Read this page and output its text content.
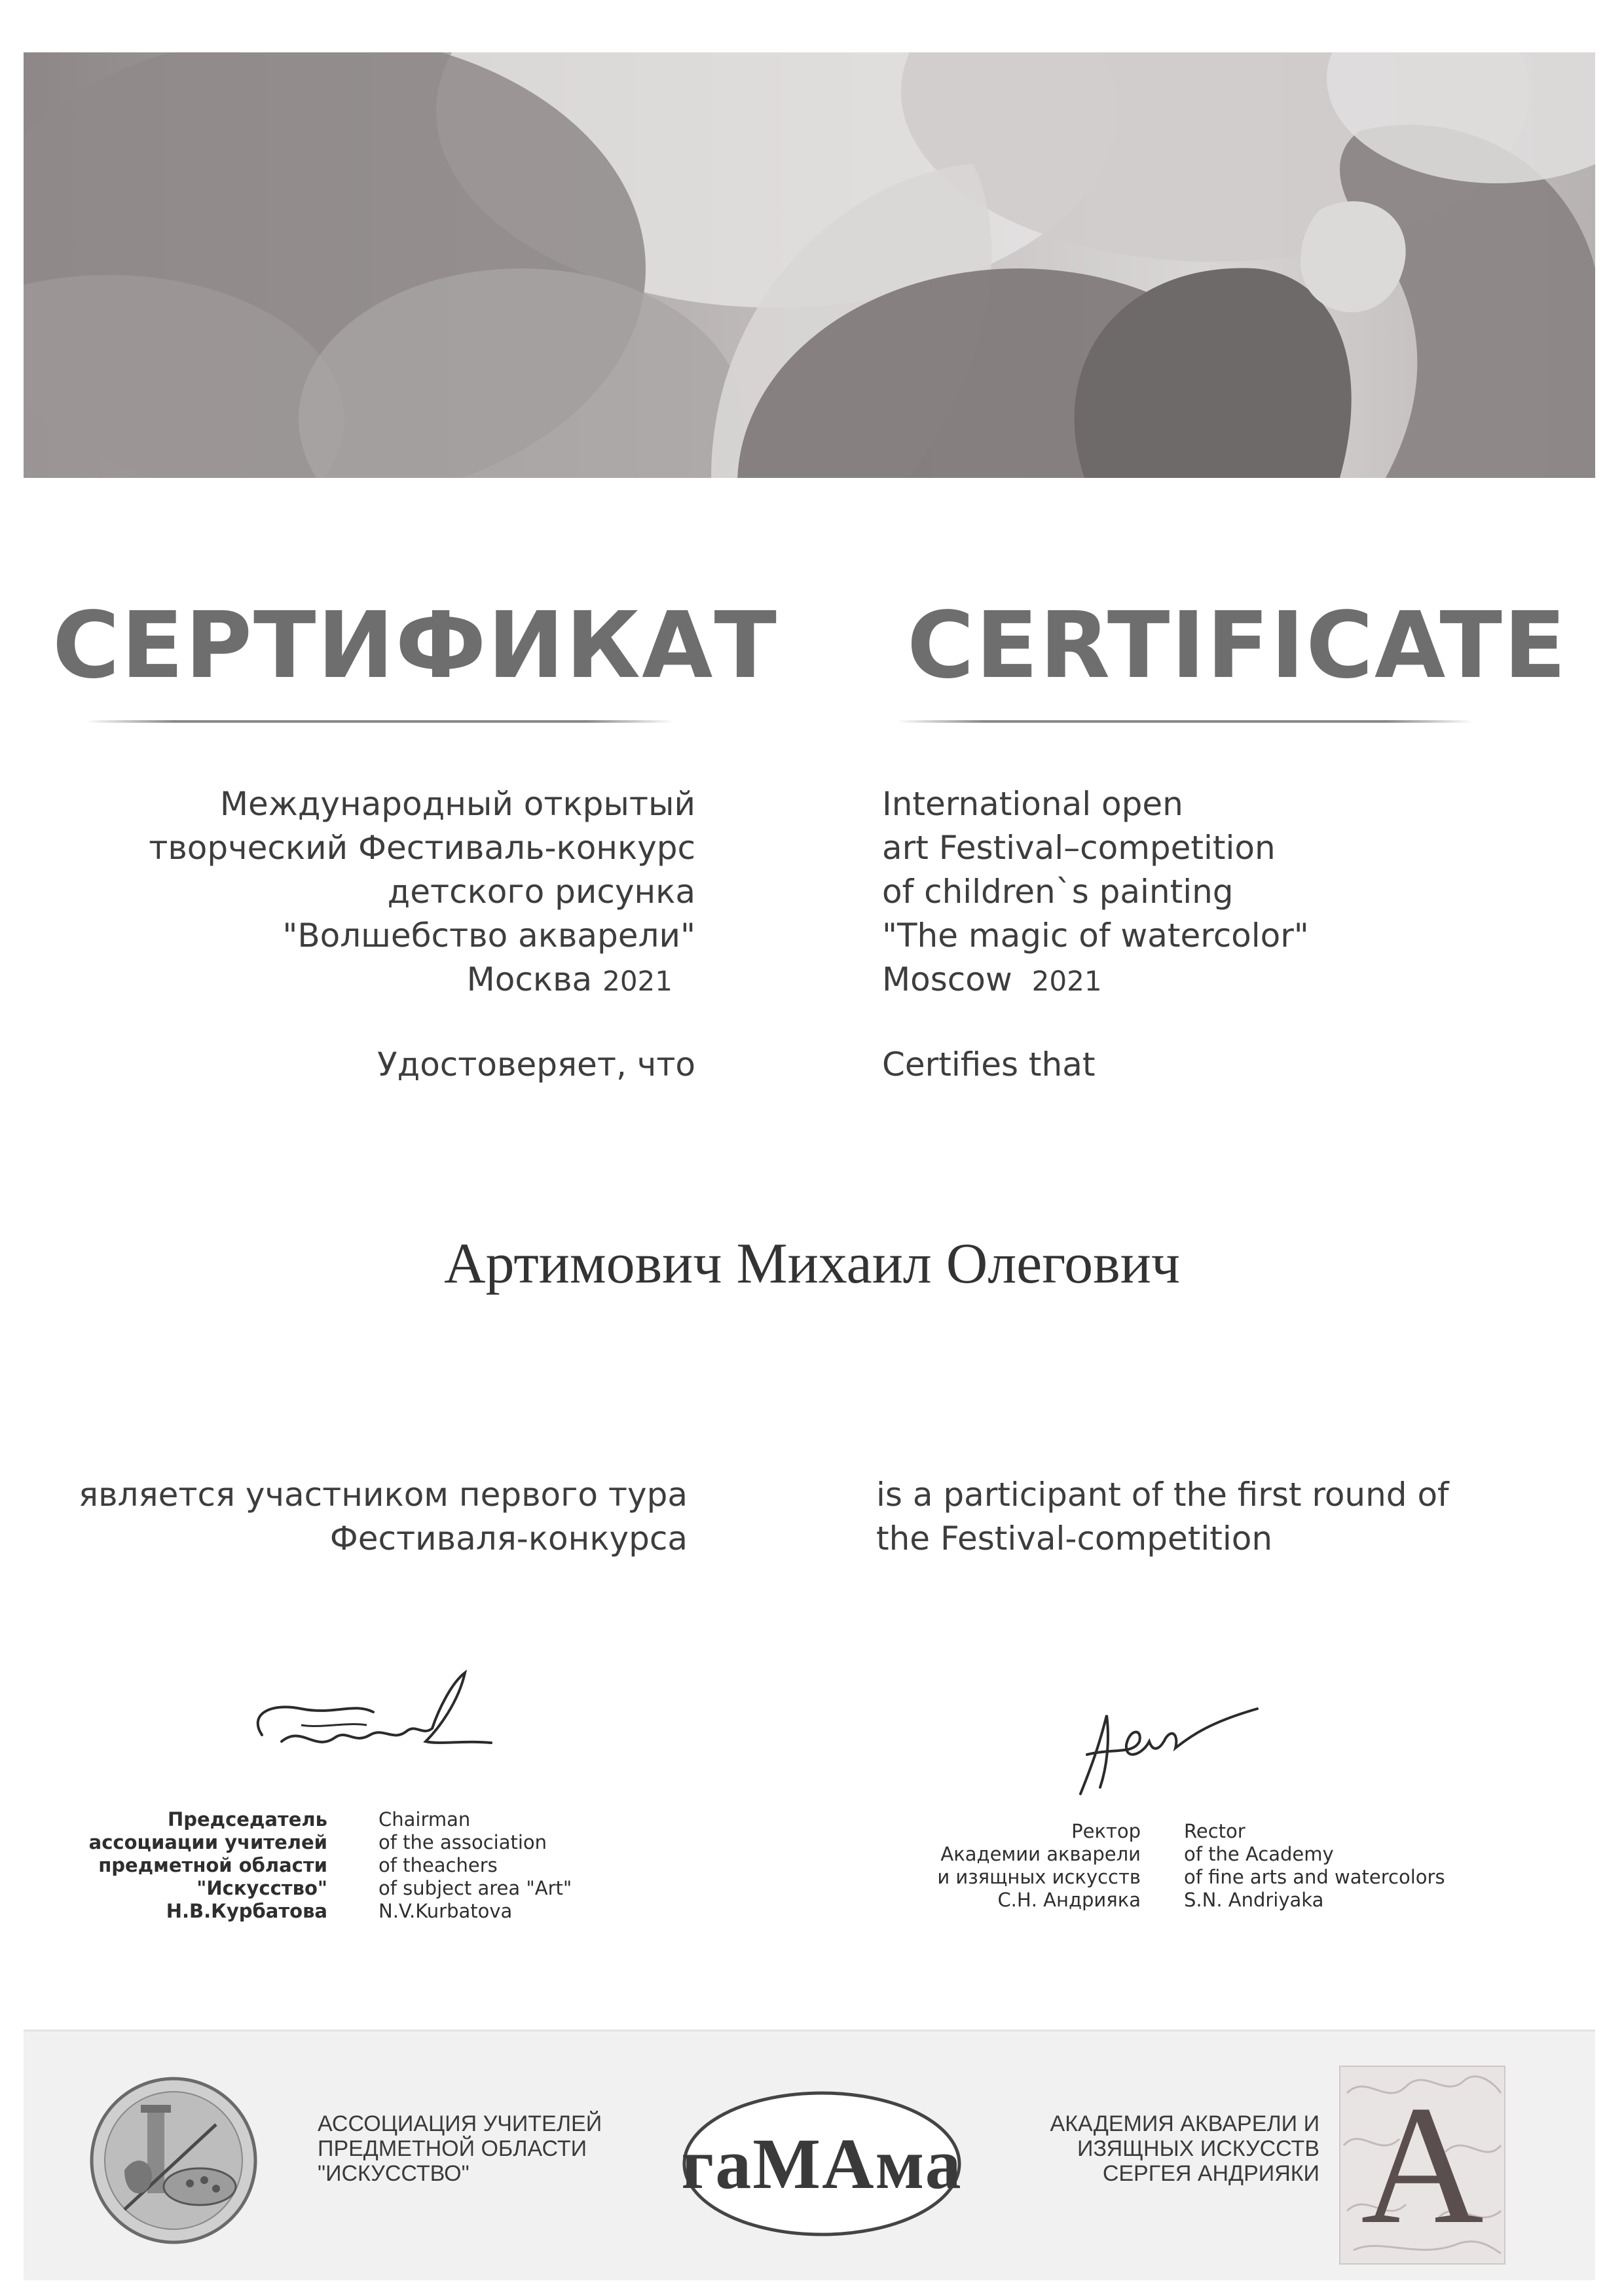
СЕРТИФИКАТ CERTIFICATE
Международный открытый
творческий Фестиваль-конкурс
детского рисунка
"Волшебство акварели"
Москва 2021
International open
art Festival–competition
of children`s painting
"The magic of watercolor"
Moscow 2021
Удостоверяет, что	Certifies that
Артимович Михаил Олегович
является участником первого тура
Фестиваля-конкурса
is a participant of the first round of
the Festival-competition
Председатель
ассоциации учителей
предметной области
"Искусство"
Н.В.Курбатова
Chairman
of the association
of theachers
of subject area "Art"
N.V.Kurbatova
Ректор
Академии акварели
и изящных искусств
С.Н. Андрияка
Rector
of the Academy
of fine arts and watercolors
S.N. Andriyaka
АССОЦИАЦИЯ УЧИТЕЛЕЙ
ПРЕДМЕТНОЙ ОБЛАСТИ
"ИСКУССТВО"	гаМАма	АКАДЕМИЯ АКВАРЕЛИ И
ИЗЯЩНЫХ ИСКУССТВ
СЕРГЕЯ АНДРИЯКИ А
